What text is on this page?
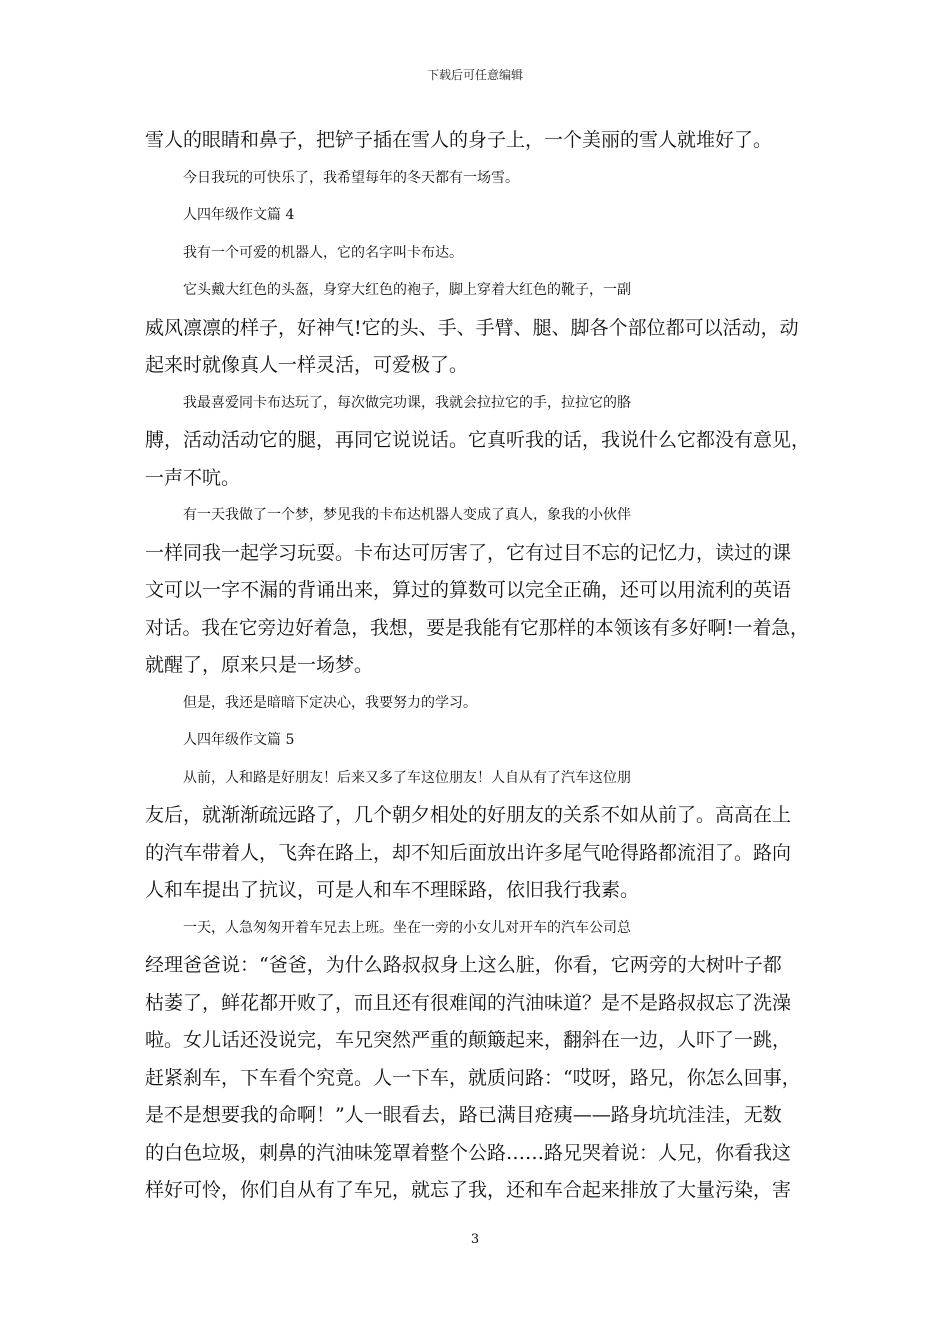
下载后可任意编辑
雪人的眼睛和鼻子，把铲子插在雪人的身子上，一个美丽的雪人就堆好了。
今日我玩的可快乐了，我希望每年的冬天都有一场雪。
人四年级作文篇 4
我有一个可爱的机器人，它的名字叫卡布达。
它头戴大红色的头盔，身穿大红色的袍子，脚上穿着大红色的靴子，一副
威风凛凛的样子，好神气!它的头、手、手臂、腿、脚各个部位都可以活动，动
起来时就像真人一样灵活，可爱极了。
我最喜爱同卡布达玩了，每次做完功课，我就会拉拉它的手，拉拉它的胳
膊，活动活动它的腿，再同它说说话。它真听我的话，我说什么它都没有意见，
一声不吭。
有一天我做了一个梦，梦见我的卡布达机器人变成了真人，象我的小伙伴
一样同我一起学习玩耍。卡布达可厉害了，它有过目不忘的记忆力，读过的课
文可以一字不漏的背诵出来，算过的算数可以完全正确，还可以用流利的英语
对话。我在它旁边好着急，我想，要是我能有它那样的本领该有多好啊!一着急，
就醒了，原来只是一场梦。
但是，我还是暗暗下定决心，我要努力的学习。
人四年级作文篇 5
从前，人和路是好朋友！后来又多了车这位朋友！人自从有了汽车这位朋
友后，就渐渐疏远路了，几个朝夕相处的好朋友的关系不如从前了。高高在上
的汽车带着人，飞奔在路上，却不知后面放出许多尾气呛得路都流泪了。路向
人和车提出了抗议，可是人和车不理睬路，依旧我行我素。
一天，人急匆匆开着车兄去上班。坐在一旁的小女儿对开车的汽车公司总
经理爸爸说：“爸爸，为什么路叔叔身上这么脏，你看，它两旁的大树叶子都
枯萎了，鲜花都开败了，而且还有很难闻的汽油味道？是不是路叔叔忘了洗澡
啦。女儿话还没说完，车兄突然严重的颠簸起来，翻斜在一边，人吓了一跳，
赶紧刹车，下车看个究竟。人一下车，就质问路：“哎呀，路兄，你怎么回事，
是不是想要我的命啊！”人一眼看去，路已满目疮痍——路身坑坑洼洼，无数
的白色垃圾，刺鼻的汽油味笼罩着整个公路……路兄哭着说：人兄，你看我这
样好可怜，你们自从有了车兄，就忘了我，还和车合起来排放了大量污染，害
3
